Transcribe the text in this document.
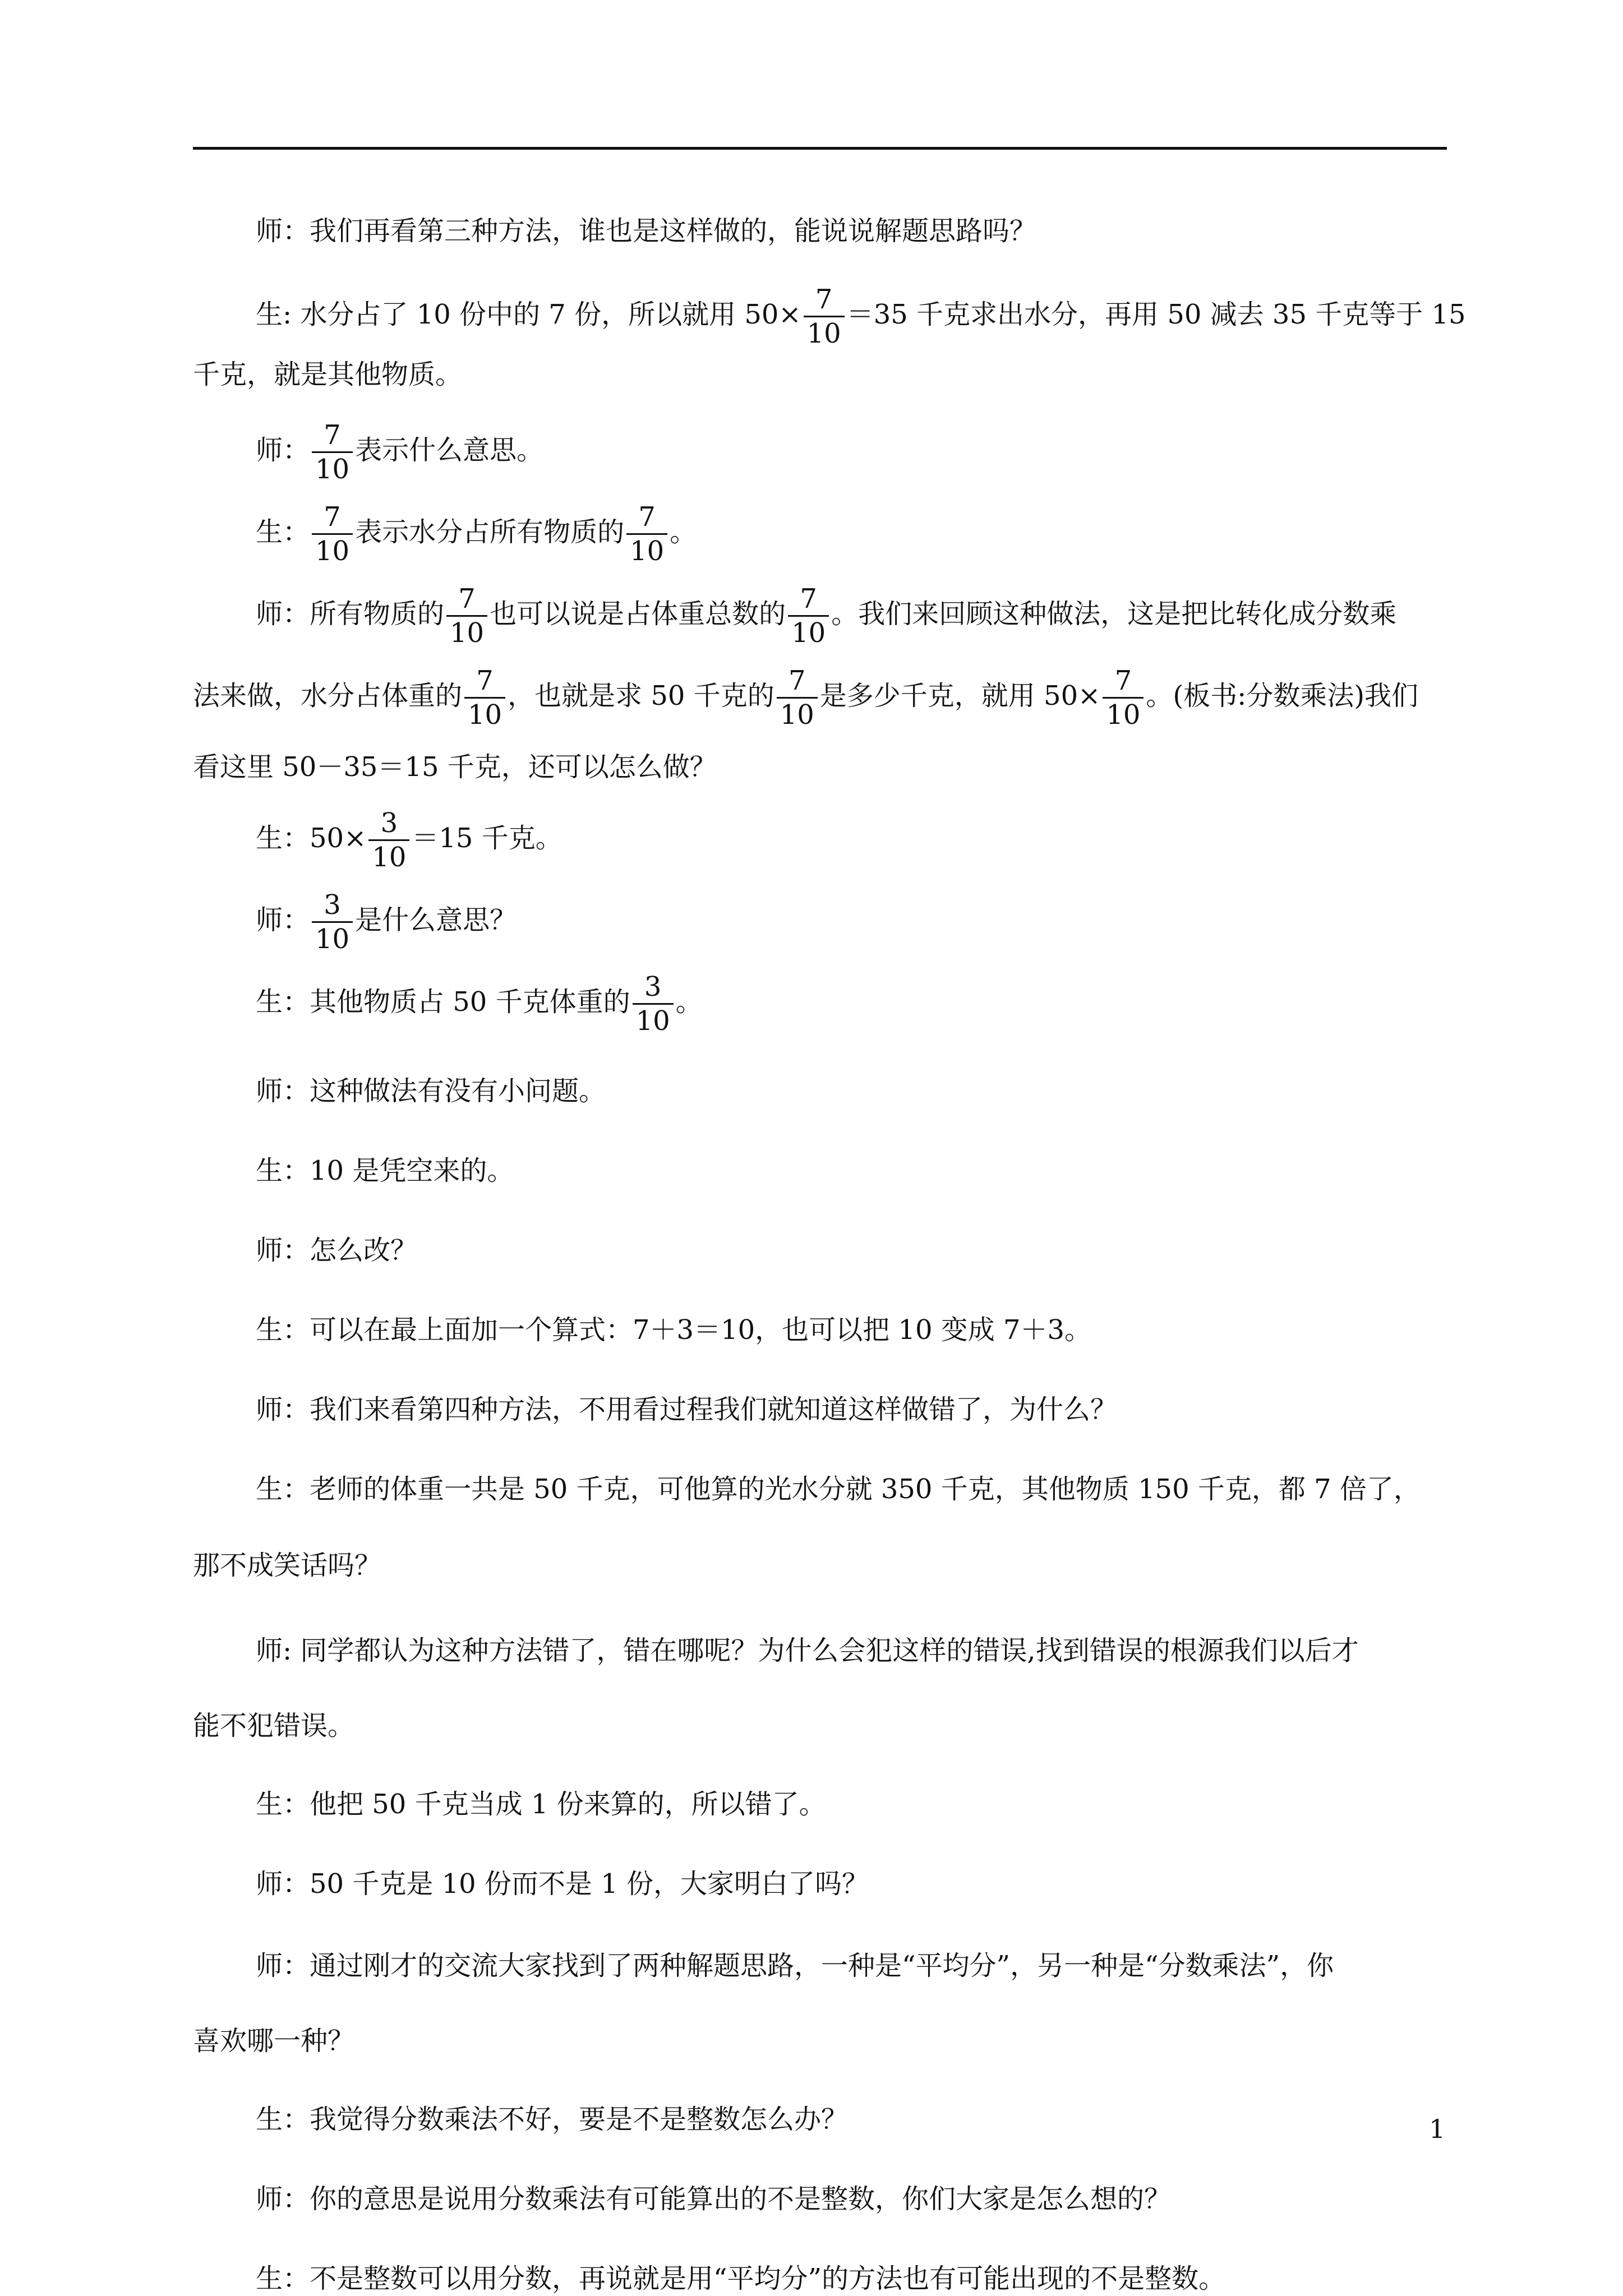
师：我们再看第三种方法，谁也是这样做的，能说说解题思路吗？

生: 水分占了 10 份中的 7 份，所以就用 $50\times \frac{7}{10} =35$ 千克求出水分，再用 50 减去 35 千克等于 15

千克，就是其他物质。

师： $\frac{7}{10}$ 表示什么意思。
生： $\frac{7}{10}$ 表示水分占所有物质的 $\frac{7}{10}$ 。
师：所有物质的 $\frac{7}{10}$ 也可以说是占体重总数的 $\frac{7}{10}$ 。我们来回顾这种做法，这是把比转化成分数乘
法来做，水分占体重的 $\frac{7}{10}$ ，也就是求 50 千克的 $\frac{7}{10}$ 是多少千克，就用 $50\times \frac{7}{10}$ 。(板书:分数乘法)我们

看这里 50－35＝15 千克，还可以怎么做？

生：$50\times \frac{3}{10} =15$ 千克。
师： $\frac{3}{10}$ 是什么意思？
生：其他物质占 50 千克体重的 $\frac{3}{10}$ 。

师：这种做法有没有小问题。

生：10 是凭空来的。

师：怎么改？

生：可以在最上面加一个算式：7＋3＝10，也可以把 10 变成 7＋3。

师：我们来看第四种方法，不用看过程我们就知道这样做错了，为什么？

生：老师的体重一共是 50 千克，可他算的光水分就 350 千克，其他物质 150 千克，都 7 倍了，

那不成笑话吗？

师: 同学都认为这种方法错了，错在哪呢？为什么会犯这样的错误,找到错误的根源我们以后才

能不犯错误。

生：他把 50 千克当成 1 份来算的，所以错了。

师：50 千克是 10 份而不是 1 份，大家明白了吗？

师：通过刚才的交流大家找到了两种解题思路，一种是“平均分”，另一种是“分数乘法”，你

喜欢哪一种？

生：我觉得分数乘法不好，要是不是整数怎么办？

师：你的意思是说用分数乘法有可能算出的不是整数，你们大家是怎么想的？

生：不是整数可以用分数，再说就是用“平均分”的方法也有可能出现的不是整数。

1
